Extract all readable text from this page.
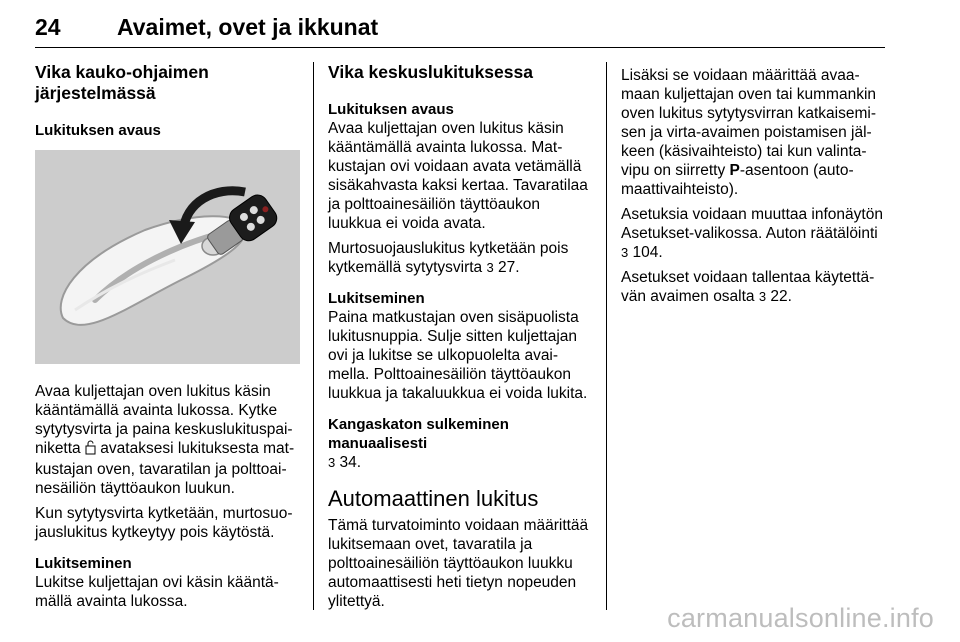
24 Avaimet, ovet ja ikkunat
Vika kauko-ohjaimen järjestelmässä
Lukituksen avaus

Avaa kuljettajan oven lukitus käsin kääntämällä avainta lukossa. Kytke sytytysvirta ja paina keskuslukituspainiketta avataksesi lukituksesta matkustajan oven, tavaratilan ja polttoainesäiliön täyttöaukon luukun.

Kun sytytysvirta kytketään, murtosuojauslukitus kytkeytyy pois käytöstä.

Lukitseminen

Lukitse kuljettajan ovi käsin kääntämällä avainta lukossa.

Vika keskuslukituksessa
Lukituksen avaus

Avaa kuljettajan oven lukitus käsin kääntämällä avainta lukossa. Matkustajan ovi voidaan avata vetämällä sisäkahvasta kaksi kertaa. Tavaratilaa ja polttoainesäiliön täyttöaukon luukkua ei voida avata.

Murtosuojauslukitus kytketään pois kytkemällä sytytysvirta 3 27.

Lukitseminen

Paina matkustajan oven sisäpuolista lukitusnuppia. Sulje sitten kuljettajan ovi ja lukitse se ulkopuolelta avaimella. Polttoainesäiliön täyttöaukon luukkua ja takaluukkua ei voida lukita.

Kangaskaton sulkeminen manuaalisesti

3 34.

Automaattinen lukitus

Tämä turvatoiminto voidaan määrittää lukitsemaan ovet, tavaratila ja polttoainesäiliön täyttöaukon luukku automaattisesti heti tietyn nopeuden ylitettyä.

Lisäksi se voidaan määrittää avaamaan kuljettajan oven tai kummankin oven lukitus sytytysvirran katkaisemisen ja virta-avaimen poistamisen jälkeen (käsivaihteisto) tai kun valintavipu on siirretty P-asentoon (automaattivaihteisto).

Asetuksia voidaan muuttaa infonäytön Asetukset-valikossa. Auton räätälöinti 3 104.

Asetukset voidaan tallentaa käytettävän avaimen osalta 3 22.

carmanualsonline.info
